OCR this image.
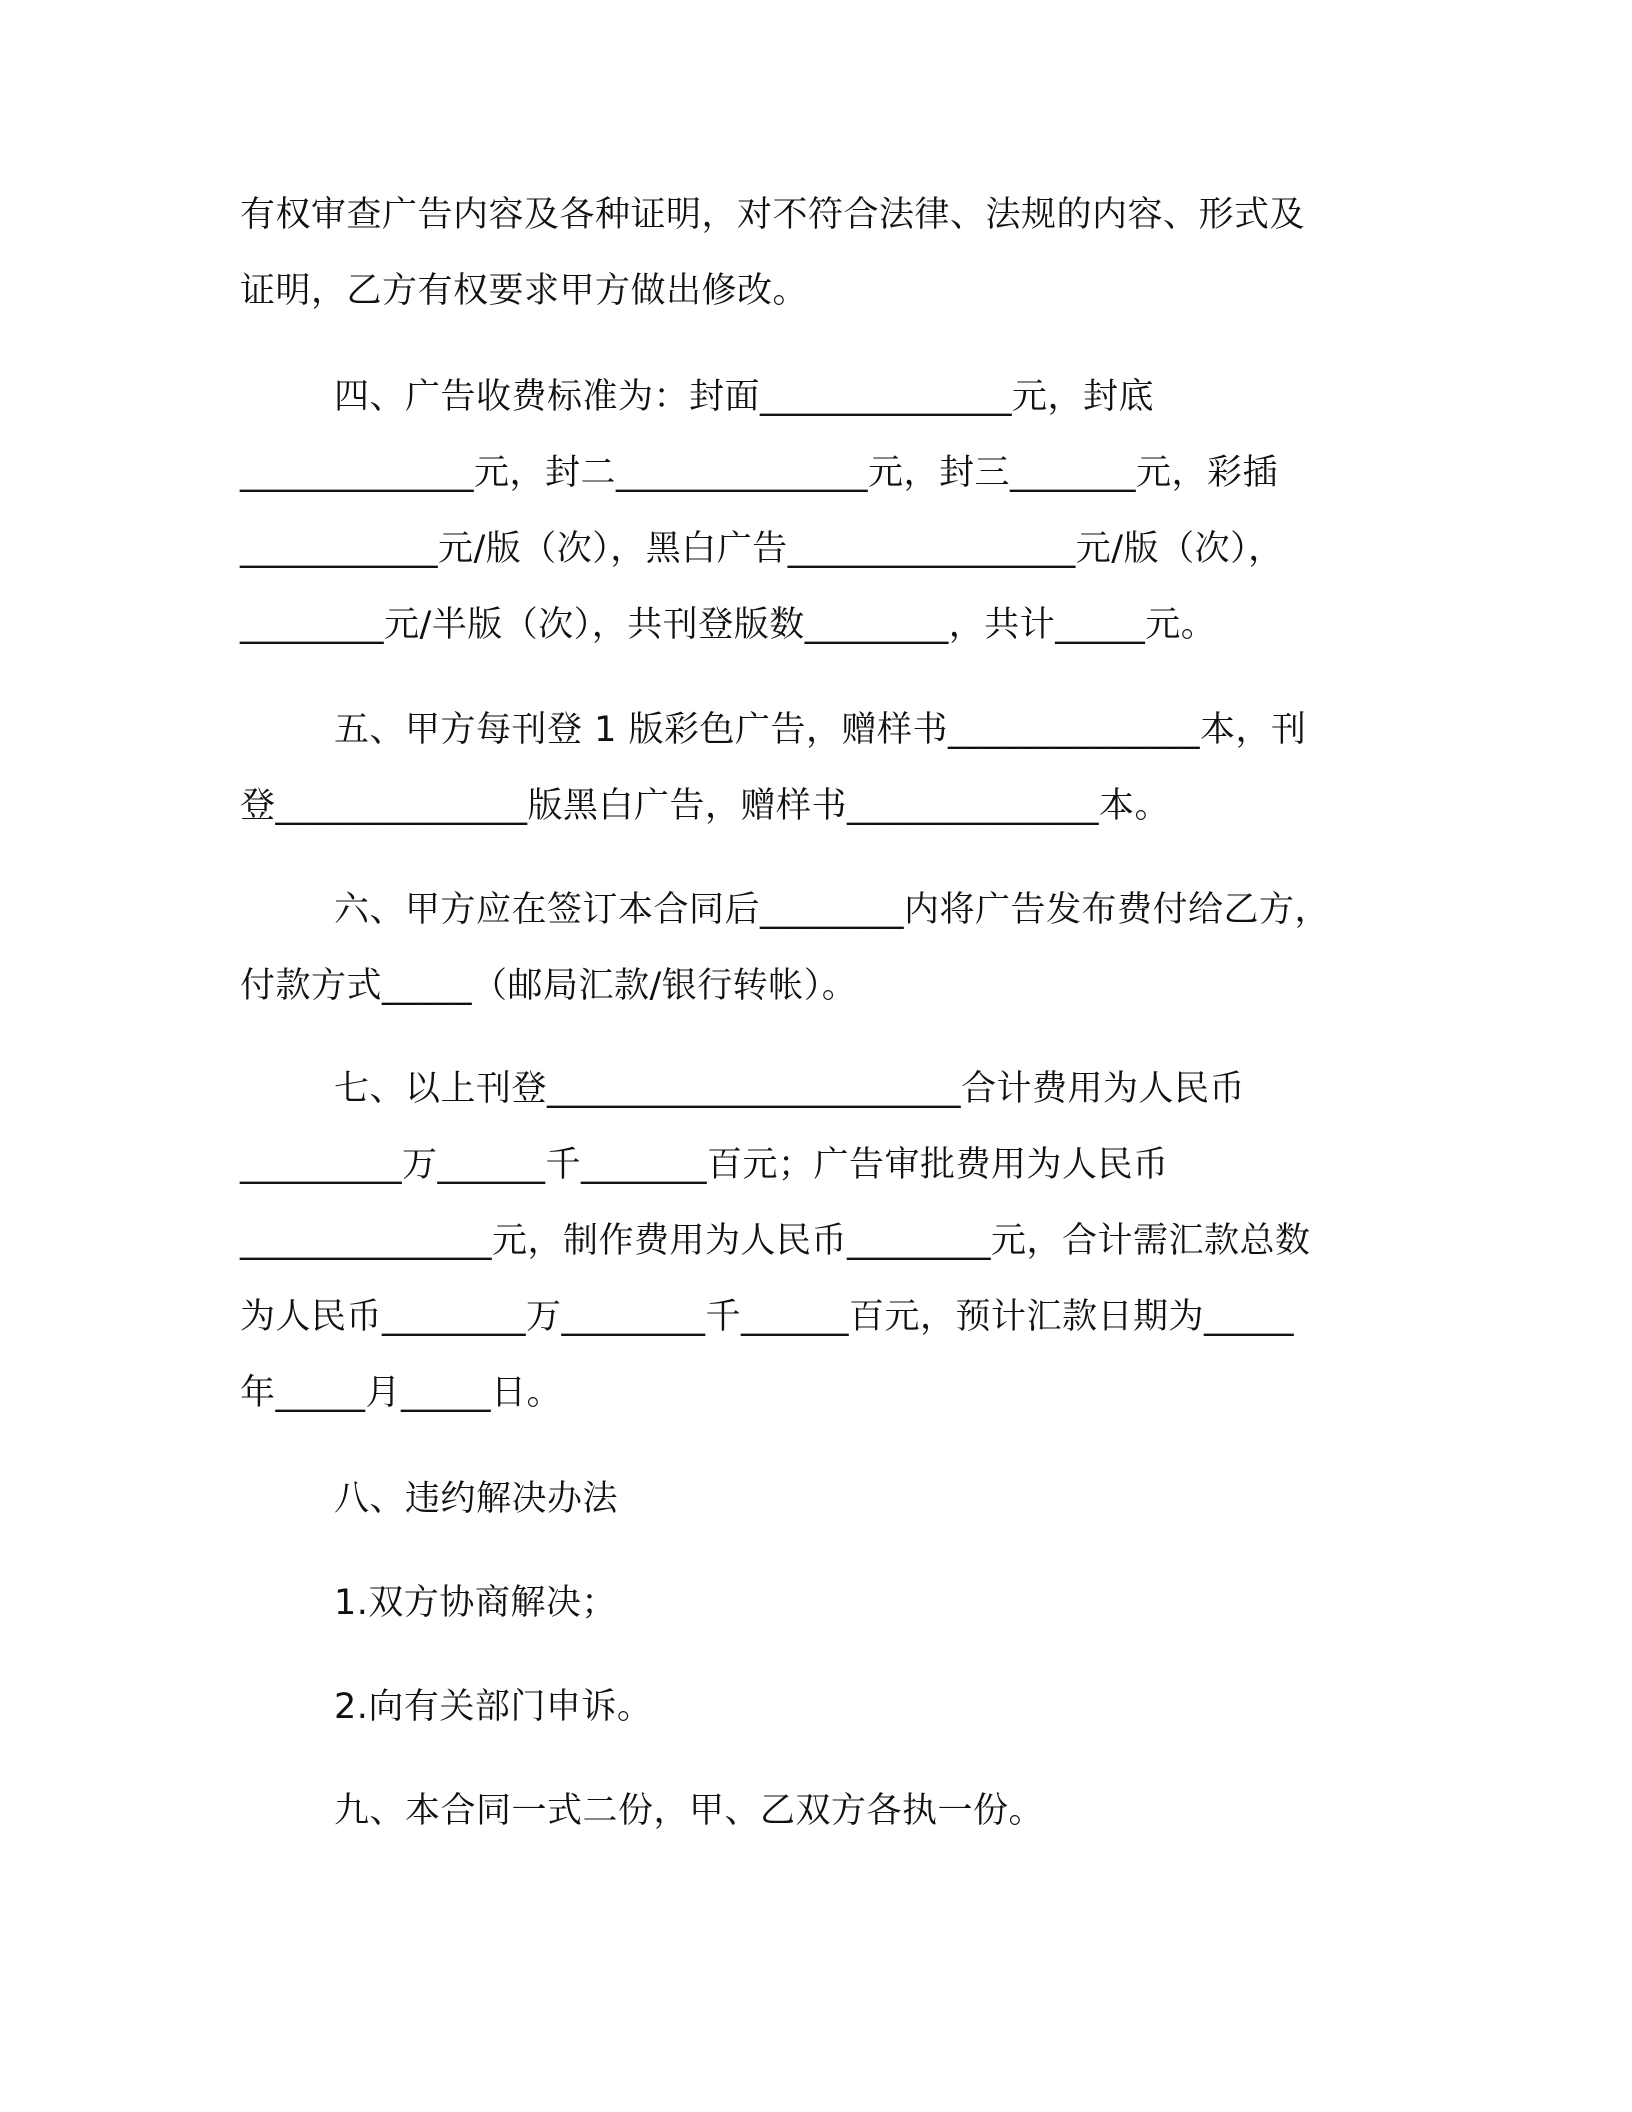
有权审查广告内容及各种证明，对不符合法律、法规的内容、形式及
证明，乙方有权要求甲方做出修改。
四、广告收费标准为：封面______________元，封底
_____________元，封二______________元，封三_______元，彩插
___________元/版（次），黑白广告________________元/版（次），
________元/半版（次），共刊登版数________，共计_____元。
五、甲方每刊登 1 版彩色广告，赠样书______________本，刊
登______________版黑白广告，赠样书______________本。
六、甲方应在签订本合同后________内将广告发布费付给乙方，
付款方式_____（邮局汇款/银行转帐）。
七、以上刊登_______________________合计费用为人民币
_________万______千_______百元；广告审批费用为人民币
______________元，制作费用为人民币________元，合计需汇款总数
为人民币________万________千______百元，预计汇款日期为_____
年_____月_____日。
八、违约解决办法
1.双方协商解决；
2.向有关部门申诉。
九、本合同一式二份，甲、乙双方各执一份。
